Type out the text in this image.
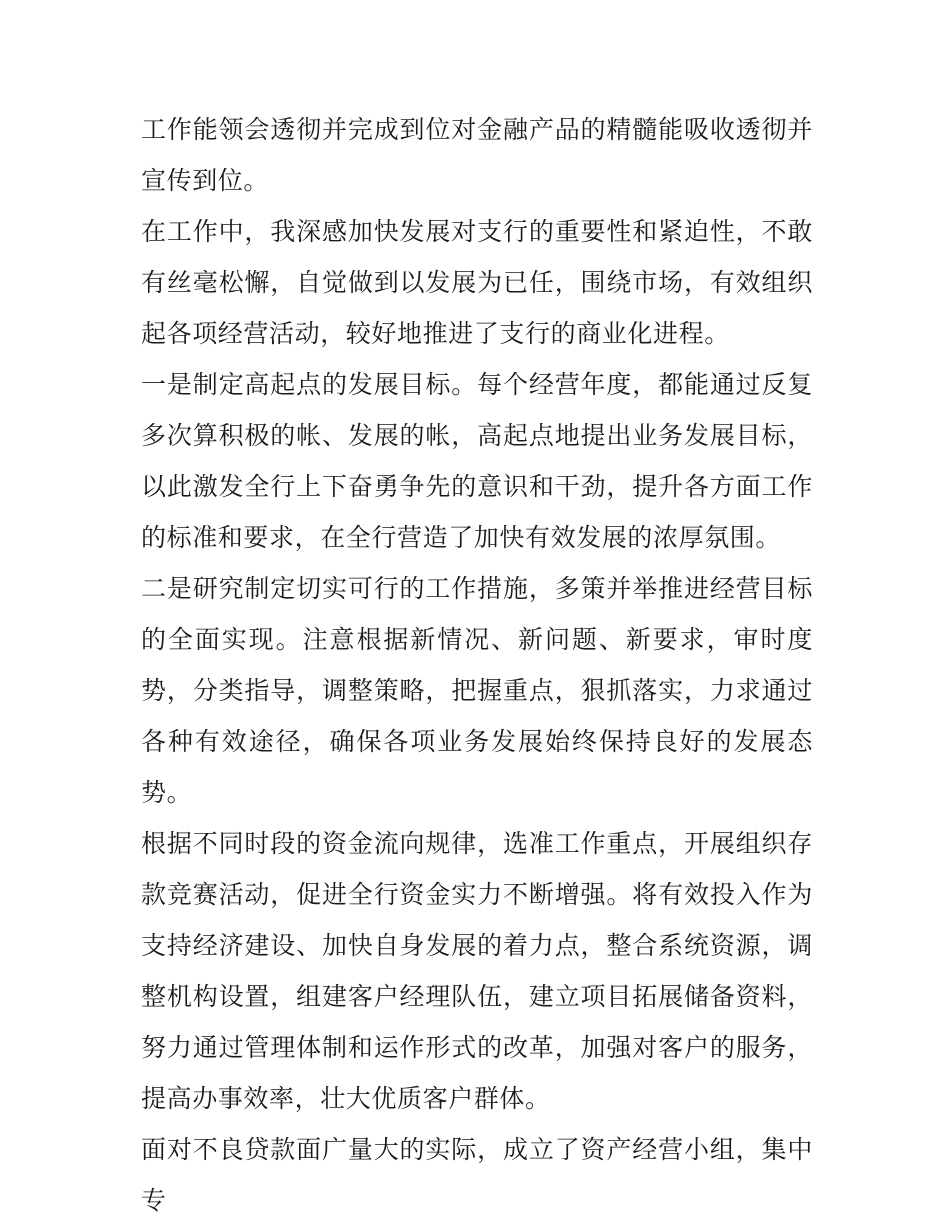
工作能领会透彻并完成到位对金融产品的精髓能吸收透彻并宣传到位。

在工作中，我深感加快发展对支行的重要性和紧迫性，不敢有丝毫松懈，自觉做到以发展为已任，围绕市场，有效组织起各项经营活动，较好地推进了支行的商业化进程。

一是制定高起点的发展目标。每个经营年度，都能通过反复多次算积极的帐、发展的帐，高起点地提出业务发展目标，以此激发全行上下奋勇争先的意识和干劲，提升各方面工作的标准和要求，在全行营造了加快有效发展的浓厚氛围。

二是研究制定切实可行的工作措施，多策并举推进经营目标的全面实现。注意根据新情况、新问题、新要求，审时度势，分类指导，调整策略，把握重点，狠抓落实，力求通过各种有效途径，确保各项业务发展始终保持良好的发展态势。

根据不同时段的资金流向规律，选准工作重点，开展组织存款竞赛活动，促进全行资金实力不断增强。将有效投入作为支持经济建设、加快自身发展的着力点，整合系统资源，调整机构设置，组建客户经理队伍，建立项目拓展储备资料，努力通过管理体制和运作形式的改革，加强对客户的服务，提高办事效率，壮大优质客户群体。

面对不良贷款面广量大的实际，成立了资产经营小组，集中专
